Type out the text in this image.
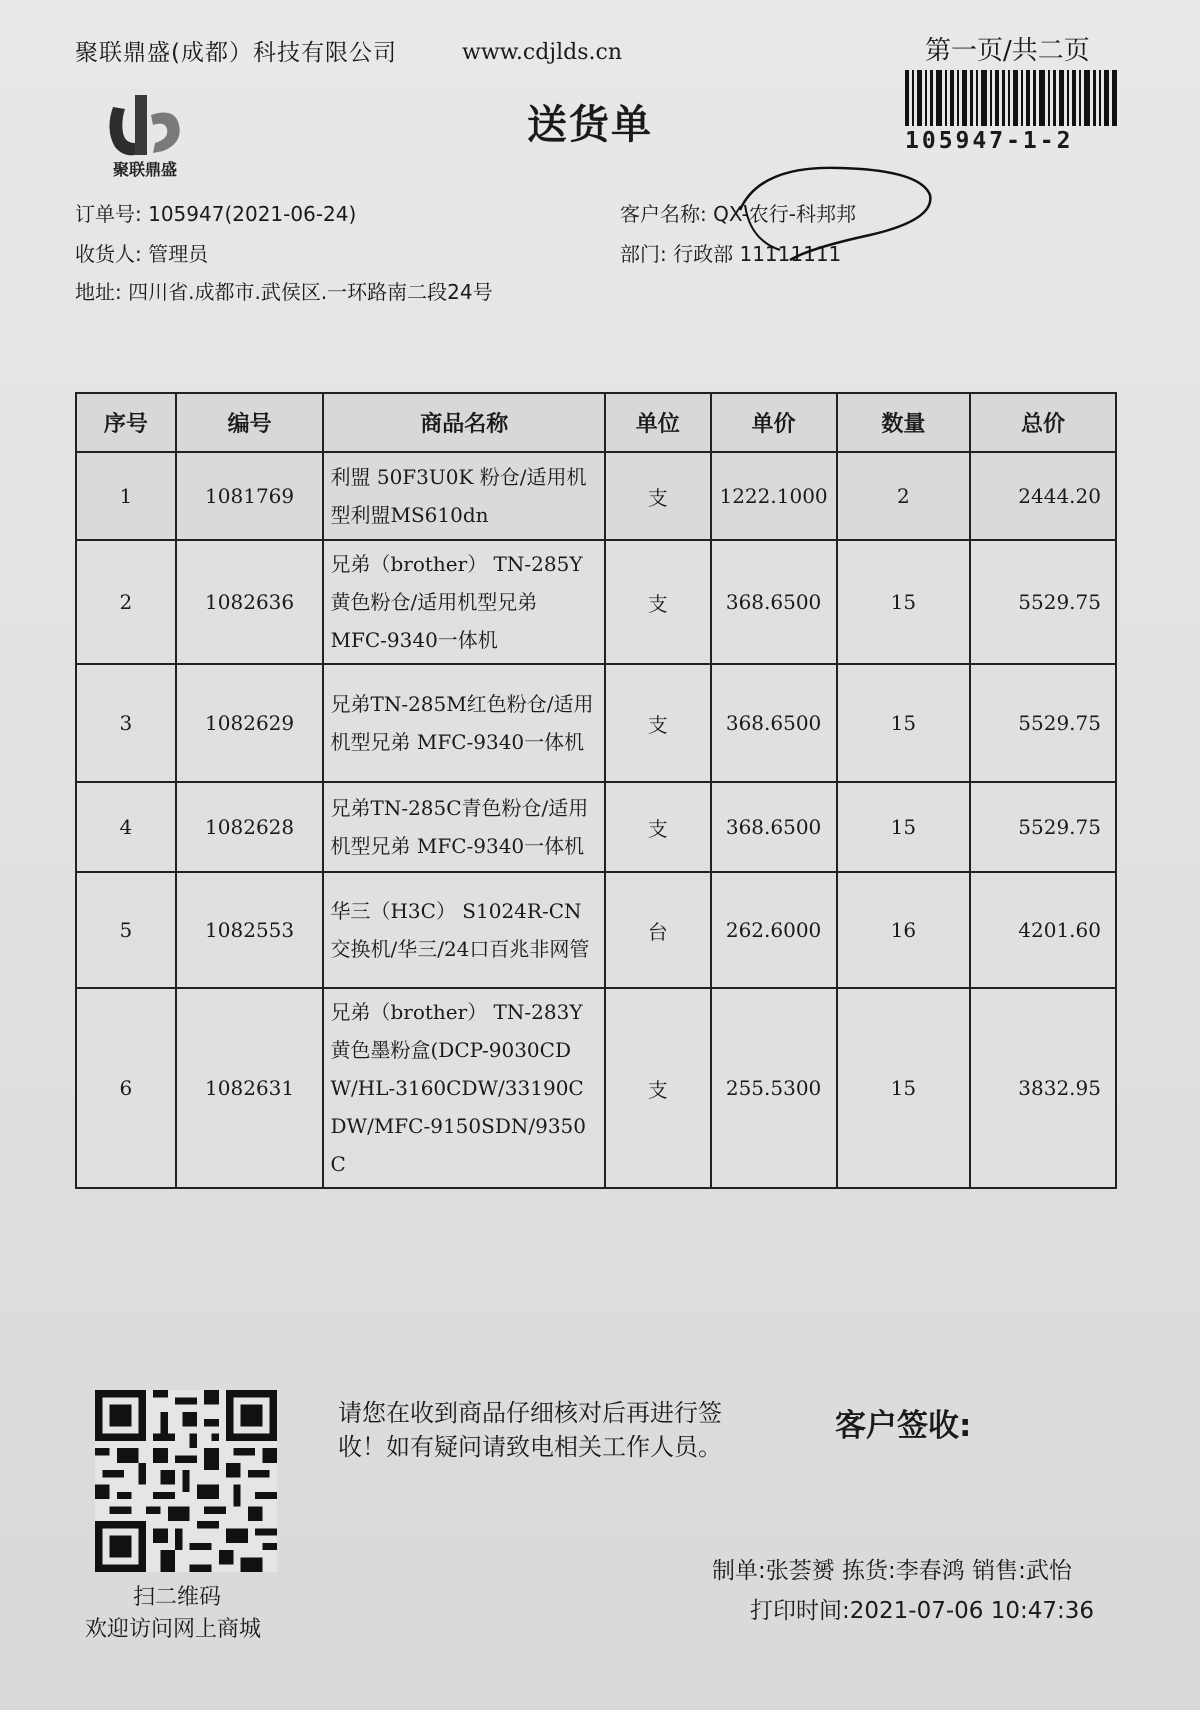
聚联鼎盛(成都）科技有限公司	www.cdjlds.cn	第一页/共二页
105947-1-2
聚联鼎盛
送货单
订单号: 105947(2021-06-24)
收货人: 管理员
地址: 四川省.成都市.武侯区.一环路南二段24号
客户名称: QX-农行-科邦邦
部门: 行政部 11111111
序号	编号	商品名称	单位	单价	数量	总价
1	1081769	利盟 50F3U0K 粉仓/适用机型利盟MS610dn	支	1222.1000	2	2444.20
2	1082636	兄弟（brother） TN-285Y 黄色粉仓/适用机型兄弟 MFC-9340一体机	支	368.6500	15	5529.75
3	1082629	兄弟TN-285M红色粉仓/适用机型兄弟 MFC-9340一体机	支	368.6500	15	5529.75
4	1082628	兄弟TN-285C青色粉仓/适用机型兄弟 MFC-9340一体机	支	368.6500	15	5529.75
5	1082553	华三（H3C） S1024R-CN 交换机/华三/24口百兆非网管	台	262.6000	16	4201.60
6	1082631	兄弟（brother） TN-283Y 黄色墨粉盒(DCP-9030CDW/HL-3160CDW/33190CDW/MFC-9150SDN/9350C	支	255.5300	15	3832.95
扫二维码
欢迎访问网上商城
请您在收到商品仔细核对后再进行签收！如有疑问请致电相关工作人员。
客户签收:
制单:张荟赟 拣货:李春鸿 销售:武怡
打印时间:2021-07-06 10:47:36
